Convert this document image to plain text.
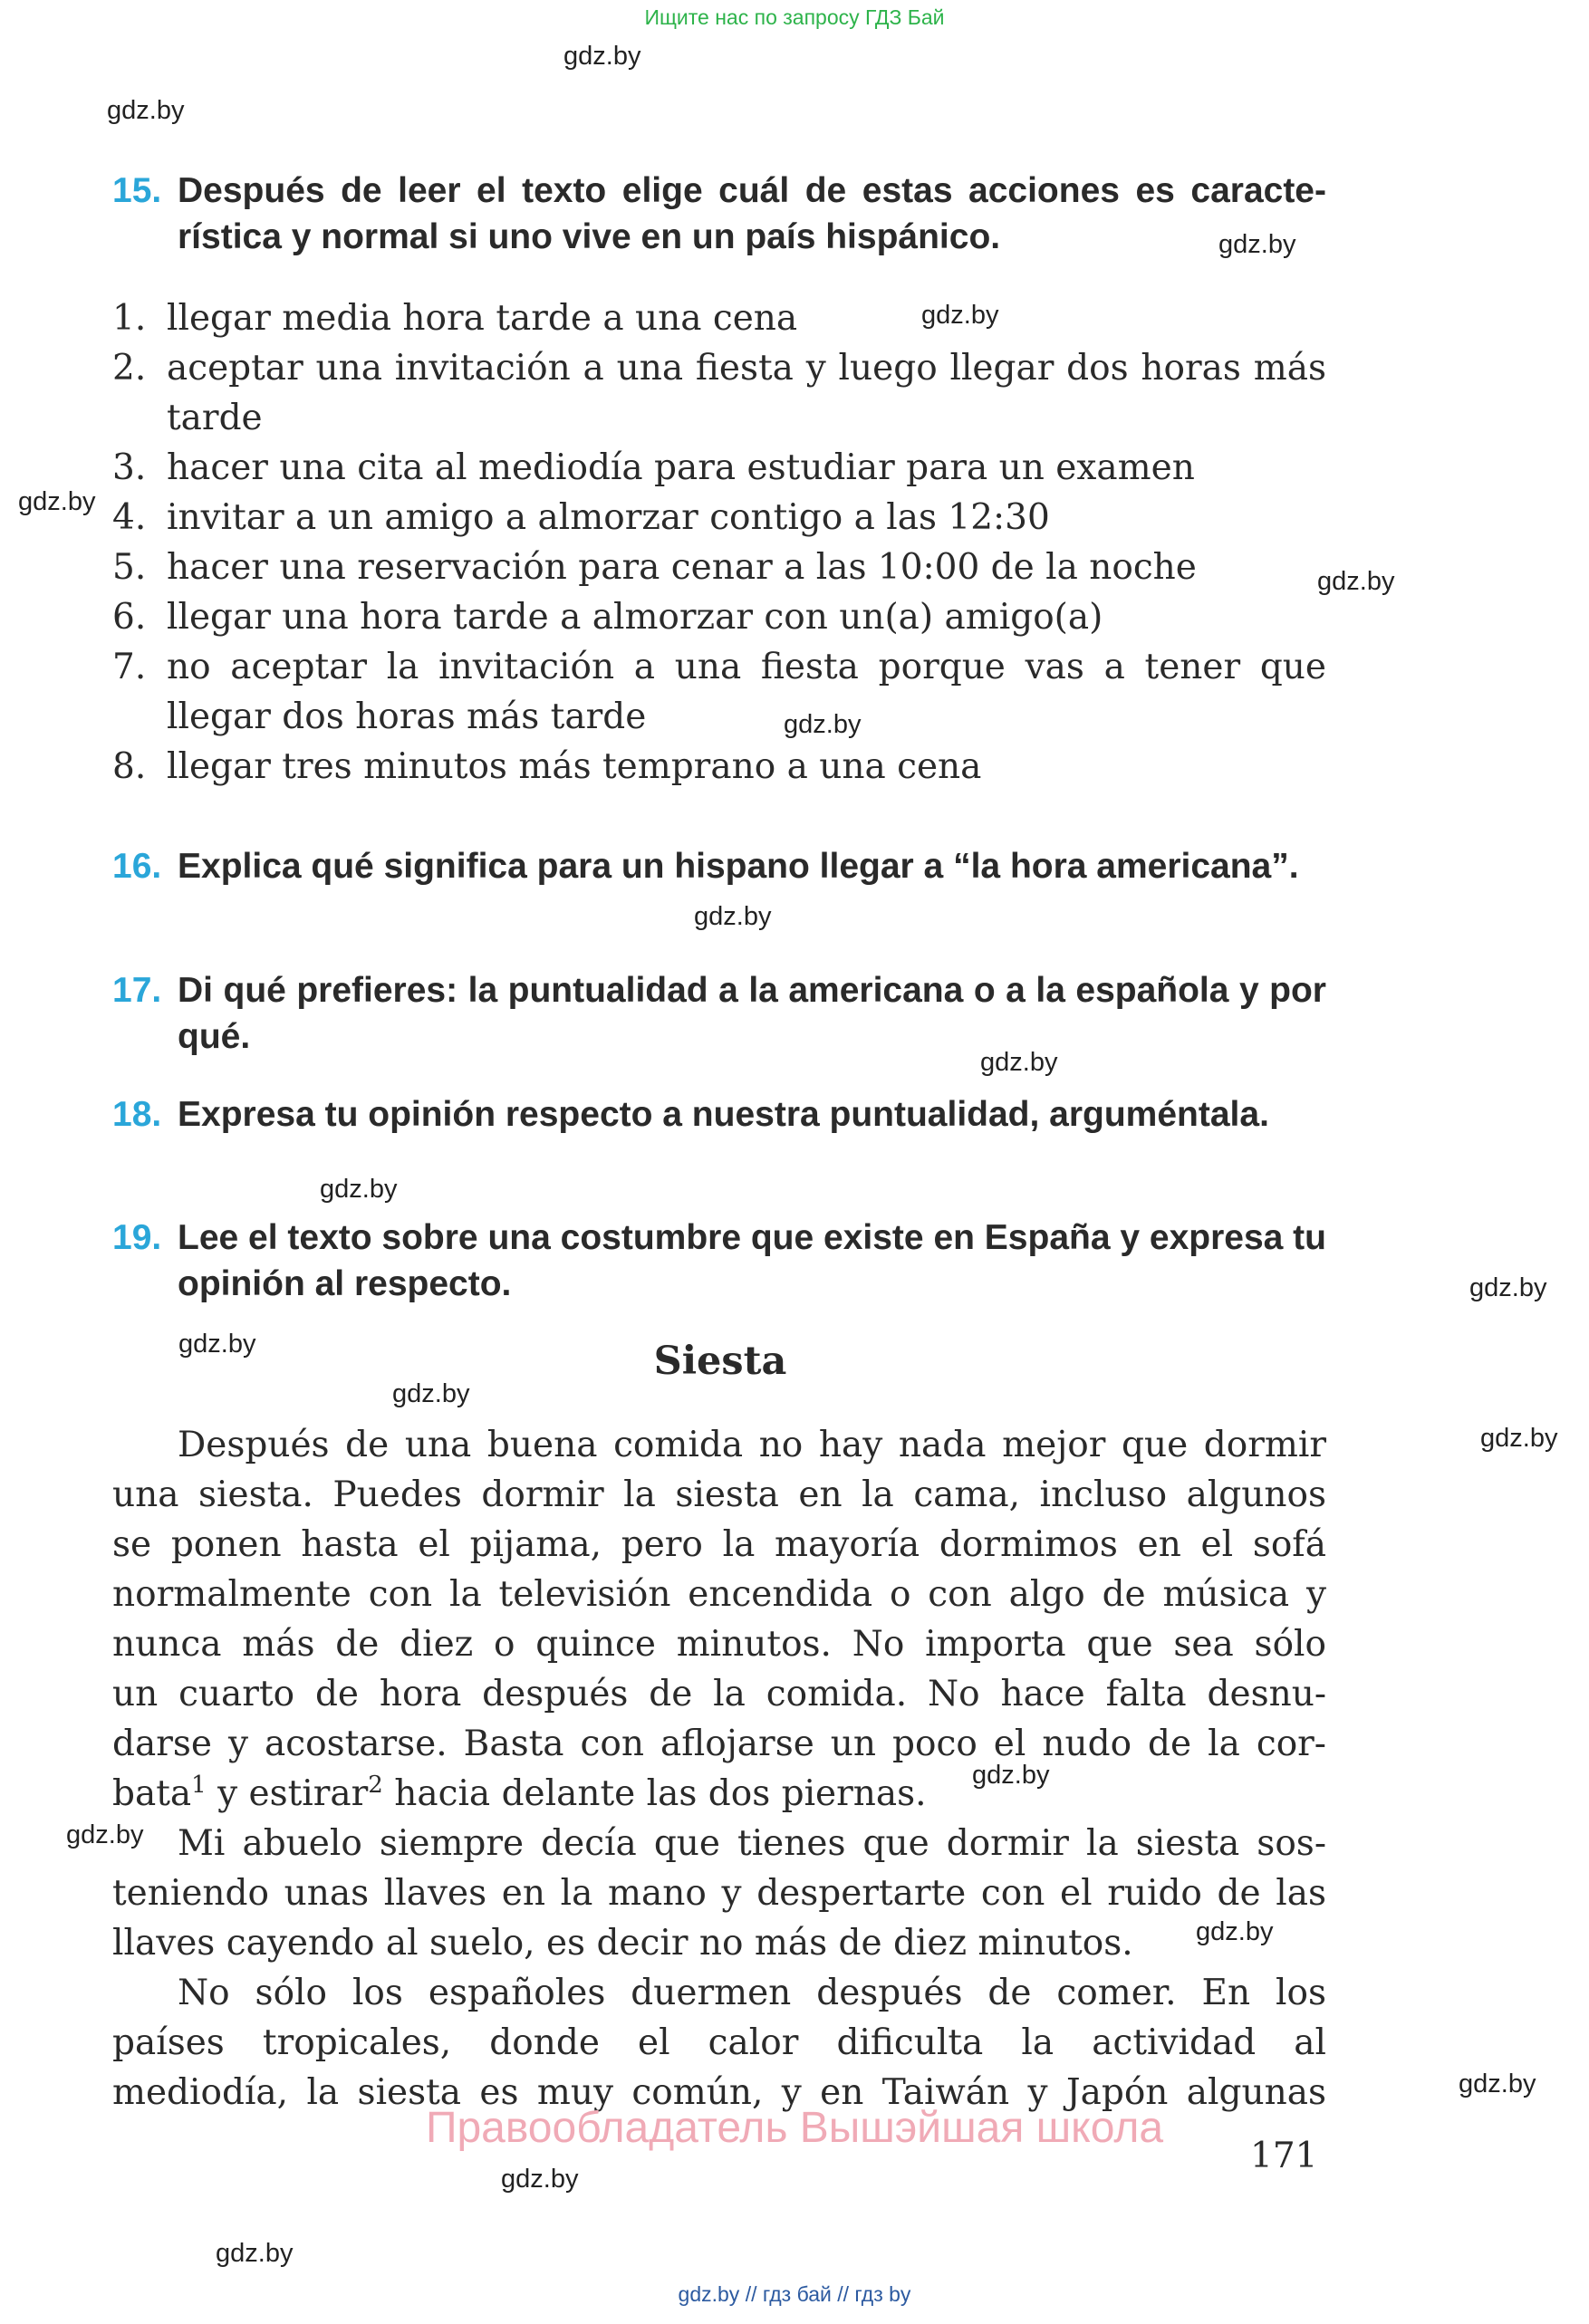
Ищите нас по запросу ГДЗ Бай
gdz.by
gdz.by
gdz.by
gdz.by
gdz.by
gdz.by
gdz.by
gdz.by
gdz.by
gdz.by
gdz.by
gdz.by
gdz.by
gdz.by
gdz.by
gdz.by
gdz.by
gdz.by
gdz.by
gdz.by
15. Después de leer el texto elige cuál de estas acciones es característica y normal si uno vive en un país hispánico.
1. llegar media hora tarde a una cena
2. aceptar una invitación a una fiesta y luego llegar dos horas más tarde
3. hacer una cita al mediodía para estudiar para un examen
4. invitar a un amigo a almorzar contigo a las 12:30
5. hacer una reservación para cenar a las 10:00 de la noche
6. llegar una hora tarde a almorzar con un(a) amigo(a)
7. no aceptar la invitación a una fiesta porque vas a tener que llegar dos horas más tarde
8. llegar tres minutos más temprano a una cena
16. Explica qué significa para un hispano llegar a “la hora americana”.
17. Di qué prefieres: la puntualidad a la americana o a la española y por qué.
18. Expresa tu opinión respecto a nuestra puntualidad, arguméntala.
19. Lee el texto sobre una costumbre que existe en España y expresa tu opinión al respecto.
Siesta
Después de una buena comida no hay nada mejor que dormir
una siesta. Puedes dormir la siesta en la cama, incluso algunos
se ponen hasta el pijama, pero la mayoría dormimos en el sofá
normalmente con la televisión encendida o con algo de música y
nunca más de diez o quince minutos. No importa que sea sólo
un cuarto de hora después de la comida. No hace falta desnu-
darse y acostarse. Basta con aflojarse un poco el nudo de la cor-
bata$^1$ y estirar$^2$ hacia delante las dos piernas.
Mi abuelo siempre decía que tienes que dormir la siesta sos-
teniendo unas llaves en la mano y despertarte con el ruido de las
llaves cayendo al suelo, es decir no más de diez minutos.
No sólo los españoles duermen después de comer. En los
países tropicales, donde el calor dificulta la actividad al
mediodía, la siesta es muy común, y en Taiwán y Japón algunas
Правообладатель Вышэйшая школа
171
gdz.by // гдз бай // гдз by
